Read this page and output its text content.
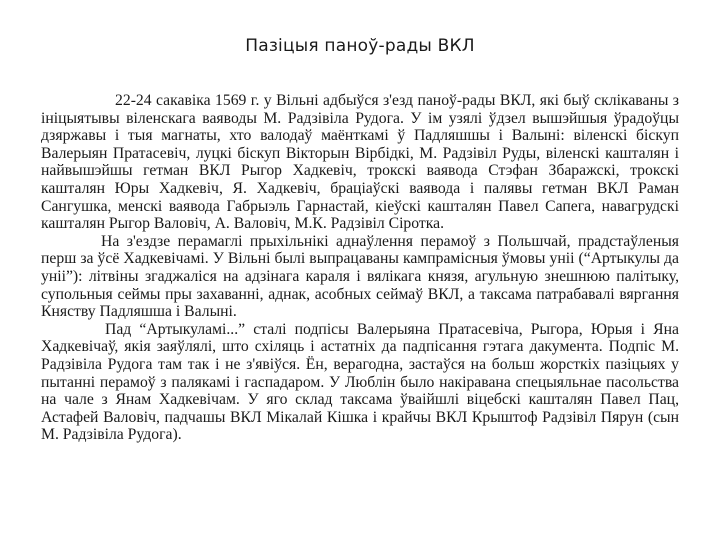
Пазіцыя паноў-рады ВКЛ

22-24 сакавіка 1569 г. у Вільні адбыўся з'езд паноў-рады ВКЛ, які быў склікаваны з ініцыятывы віленскага ваяводы М. Радзівіла Рудога. У ім узялі ўдзел вышэйшыя ўрадоўцы дзяржавы і тыя магнаты, хто валодаў маёнткамі ў Падляшшы і Валыні: віленскі біскуп Валерыян Пратасевіч, луцкі біскуп Вікторын Вірбідкі, М. Радзівіл Руды, віленскі кашталян і найвышэйшы гетман ВКЛ Рыгор Хадкевіч, трокскі ваявода Стэфан Збаражскі, трокскі кашталян Юры Хадкевіч, Я. Хадкевіч, браціаўскі ваявода і палявы гетман ВКЛ Раман Сангушка, менскі ваявода Габрыэль Гарнастай, кіеўскі кашталян Павел Сапега, навагрудскі кашталян Рыгор Валовіч, А. Валовіч, М.К. Радзівіл Сіротка.

На з'ездзе перамаглі прыхільнікі аднаўлення перамоў з Польшчай, прадстаўленыя перш за ўсё Хадкевічамі. У Вільні былі выпрацаваны кампрамісныя ўмовы уніі (“Артыкулы да уніі”): літвіны згаджаліся на адзінага караля і вялікага князя, агульную знешнюю палітыку, супольныя сеймы пры захаванні, аднак, асобных сеймаў ВКЛ, а таксама патрабавалі вяргання Княству Падляшша і Валыні.

Пад “Артыкуламі...” сталі подпісы Валерыяна Пратасевіча, Рыгора, Юрыя і Яна Хадкевічаў, якія заяўлялі, што схіляць і астатніх да падпісання гэтага дакумента. Подпіс М. Радзівіла Рудога там так і не з'явіўся. Ён, верагодна, застаўся на больш жорсткіх пазіцыях у пытанні перамоў з палякамі і гаспадаром. У Люблін было накіравана спецыяльнае пасольства на чале з Янам Хадкевічам. У яго склад таксама ўваійшлі віцебскі кашталян Павел Пац, Астафей Валовіч, падчашы ВКЛ Мікалай Кішка і крайчы ВКЛ Крыштоф Радзівіл Пярун (сын М. Радзівіла Рудога).
